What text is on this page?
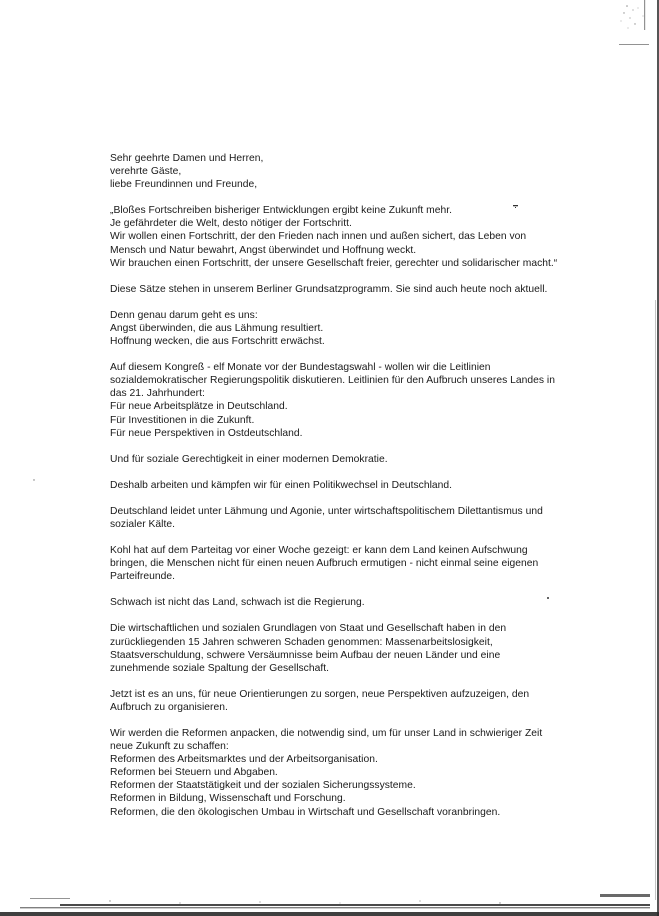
Sehr geehrte Damen und Herren,
verehrte Gäste,
liebe Freundinnen und Freunde,

„Bloßes Fortschreiben bisheriger Entwicklungen ergibt keine Zukunft mehr.
Je gefährdeter die Welt, desto nötiger der Fortschritt.
Wir wollen einen Fortschritt, der den Frieden nach innen und außen sichert, das Leben von
Mensch und Natur bewahrt, Angst überwindet und Hoffnung weckt.
Wir brauchen einen Fortschritt, der unsere Gesellschaft freier, gerechter und solidarischer macht.“

Diese Sätze stehen in unserem Berliner Grundsatzprogramm. Sie sind auch heute noch aktuell.

Denn genau darum geht es uns:
Angst überwinden, die aus Lähmung resultiert.
Hoffnung wecken, die aus Fortschritt erwächst.

Auf diesem Kongreß - elf Monate vor der Bundestagswahl - wollen wir die Leitlinien
sozialdemokratischer Regierungspolitik diskutieren. Leitlinien für den Aufbruch unseres Landes in
das 21. Jahrhundert:
Für neue Arbeitsplätze in Deutschland.
Für Investitionen in die Zukunft.
Für neue Perspektiven in Ostdeutschland.

Und für soziale Gerechtigkeit in einer modernen Demokratie.

Deshalb arbeiten und kämpfen wir für einen Politikwechsel in Deutschland.

Deutschland leidet unter Lähmung und Agonie, unter wirtschaftspolitischem Dilettantismus und
sozialer Kälte.

Kohl hat auf dem Parteitag vor einer Woche gezeigt: er kann dem Land keinen Aufschwung
bringen, die Menschen nicht für einen neuen Aufbruch ermutigen - nicht einmal seine eigenen
Parteifreunde.

Schwach ist nicht das Land, schwach ist die Regierung.

Die wirtschaftlichen und sozialen Grundlagen von Staat und Gesellschaft haben in den
zurückliegenden 15 Jahren schweren Schaden genommen: Massenarbeitslosigkeit,
Staatsverschuldung, schwere Versäumnisse beim Aufbau der neuen Länder und eine
zunehmende soziale Spaltung der Gesellschaft.

Jetzt ist es an uns, für neue Orientierungen zu sorgen, neue Perspektiven aufzuzeigen, den
Aufbruch zu organisieren.

Wir werden die Reformen anpacken, die notwendig sind, um für unser Land in schwieriger Zeit
neue Zukunft zu schaffen:
Reformen des Arbeitsmarktes und der Arbeitsorganisation.
Reformen bei Steuern und Abgaben.
Reformen der Staatstätigkeit und der sozialen Sicherungssysteme.
Reformen in Bildung, Wissenschaft und Forschung.
Reformen, die den ökologischen Umbau in Wirtschaft und Gesellschaft voranbringen.
